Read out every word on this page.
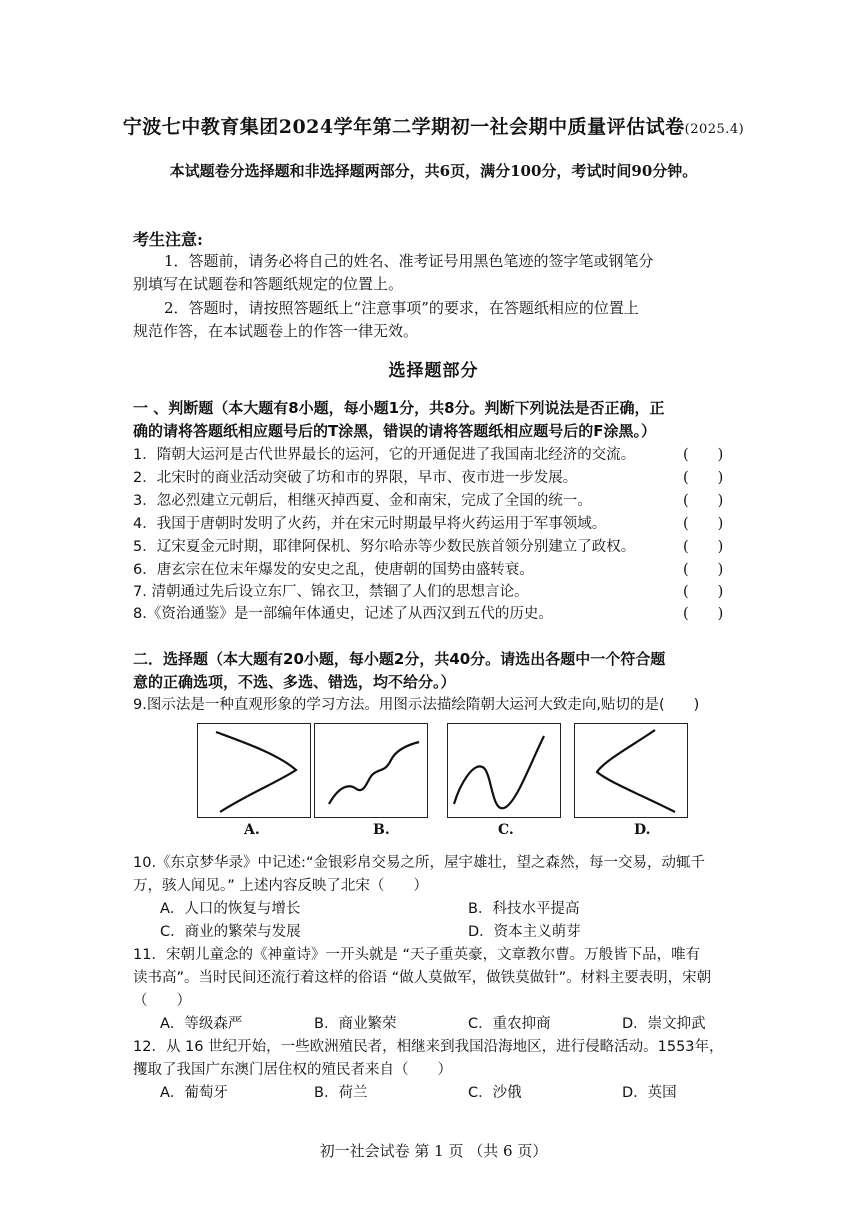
宁波七中教育集团2024学年第二学期初一社会期中质量评估试卷(2025.4)
本试题卷分选择题和非选择题两部分，共6页，满分100分，考试时间90分钟。
考生注意:
1．答题前，请务必将自己的姓名、准考证号用黑色笔迹的签字笔或钢笔分
别填写在试题卷和答题纸规定的位置上。
2．答题时，请按照答题纸上“注意事项”的要求，在答题纸相应的位置上
规范作答，在本试题卷上的作答一律无效。
选择题部分
一 、判断题（本大题有8小题，每小题1分，共8分。判断下列说法是否正确，正
确的请将答题纸相应题号后的T涂黑，错误的请将答题纸相应题号后的F涂黑。）
1．隋朝大运河是古代世界最长的运河，它的开通促进了我国南北经济的交流。	(　　)
2．北宋时的商业活动突破了坊和市的界限，早市、夜市进一步发展。	(　　)
3．忽必烈建立元朝后，相继灭掉西夏、金和南宋，完成了全国的统一。	(　　)
4．我国于唐朝时发明了火药，并在宋元时期最早将火药运用于军事领域。	(　　)
5．辽宋夏金元时期，耶律阿保机、努尔哈赤等少数民族首领分别建立了政权。	(　　)
6．唐玄宗在位末年爆发的安史之乱，使唐朝的国势由盛转衰。	(　　)
7. 清朝通过先后设立东厂、锦衣卫，禁锢了人们的思想言论。	(　　)
8.《资治通鉴》是一部编年体通史，记述了从西汉到五代的历史。	(　　)
二．选择题（本大题有20小题，每小题2分，共40分。请选出各题中一个符合题
意的正确选项，不选、多选、错选，均不给分。）
9.图示法是一种直观形象的学习方法。用图示法描绘隋朝大运河大致走向,贴切的是(　　)
A.	B.	C.	D.
10.《东京梦华录》中记述:“金银彩帛交易之所，屋宇雄壮，望之森然，每一交易，动辄千
万，骇人闻见。” 上述内容反映了北宋（　　）
A．人口的恢复与增长	B．科技水平提高
C．商业的繁荣与发展	D．资本主义萌芽
11．宋朝儿童念的《神童诗》一开头就是 “天子重英豪，文章教尔曹。万般皆下品，唯有
读书高”。当时民间还流行着这样的俗语 “做人莫做军，做铁莫做针”。材料主要表明，宋朝
（　　）
A．等级森严	B．商业繁荣	C．重农抑商	D．崇文抑武
12．从 16 世纪开始，一些欧洲殖民者，相继来到我国沿海地区，进行侵略活动。1553年，
攫取了我国广东澳门居住权的殖民者来自（　　）
A．葡萄牙	B．荷兰	C．沙俄	D．英国
初一社会试卷 第 1 页 （共 6 页）
